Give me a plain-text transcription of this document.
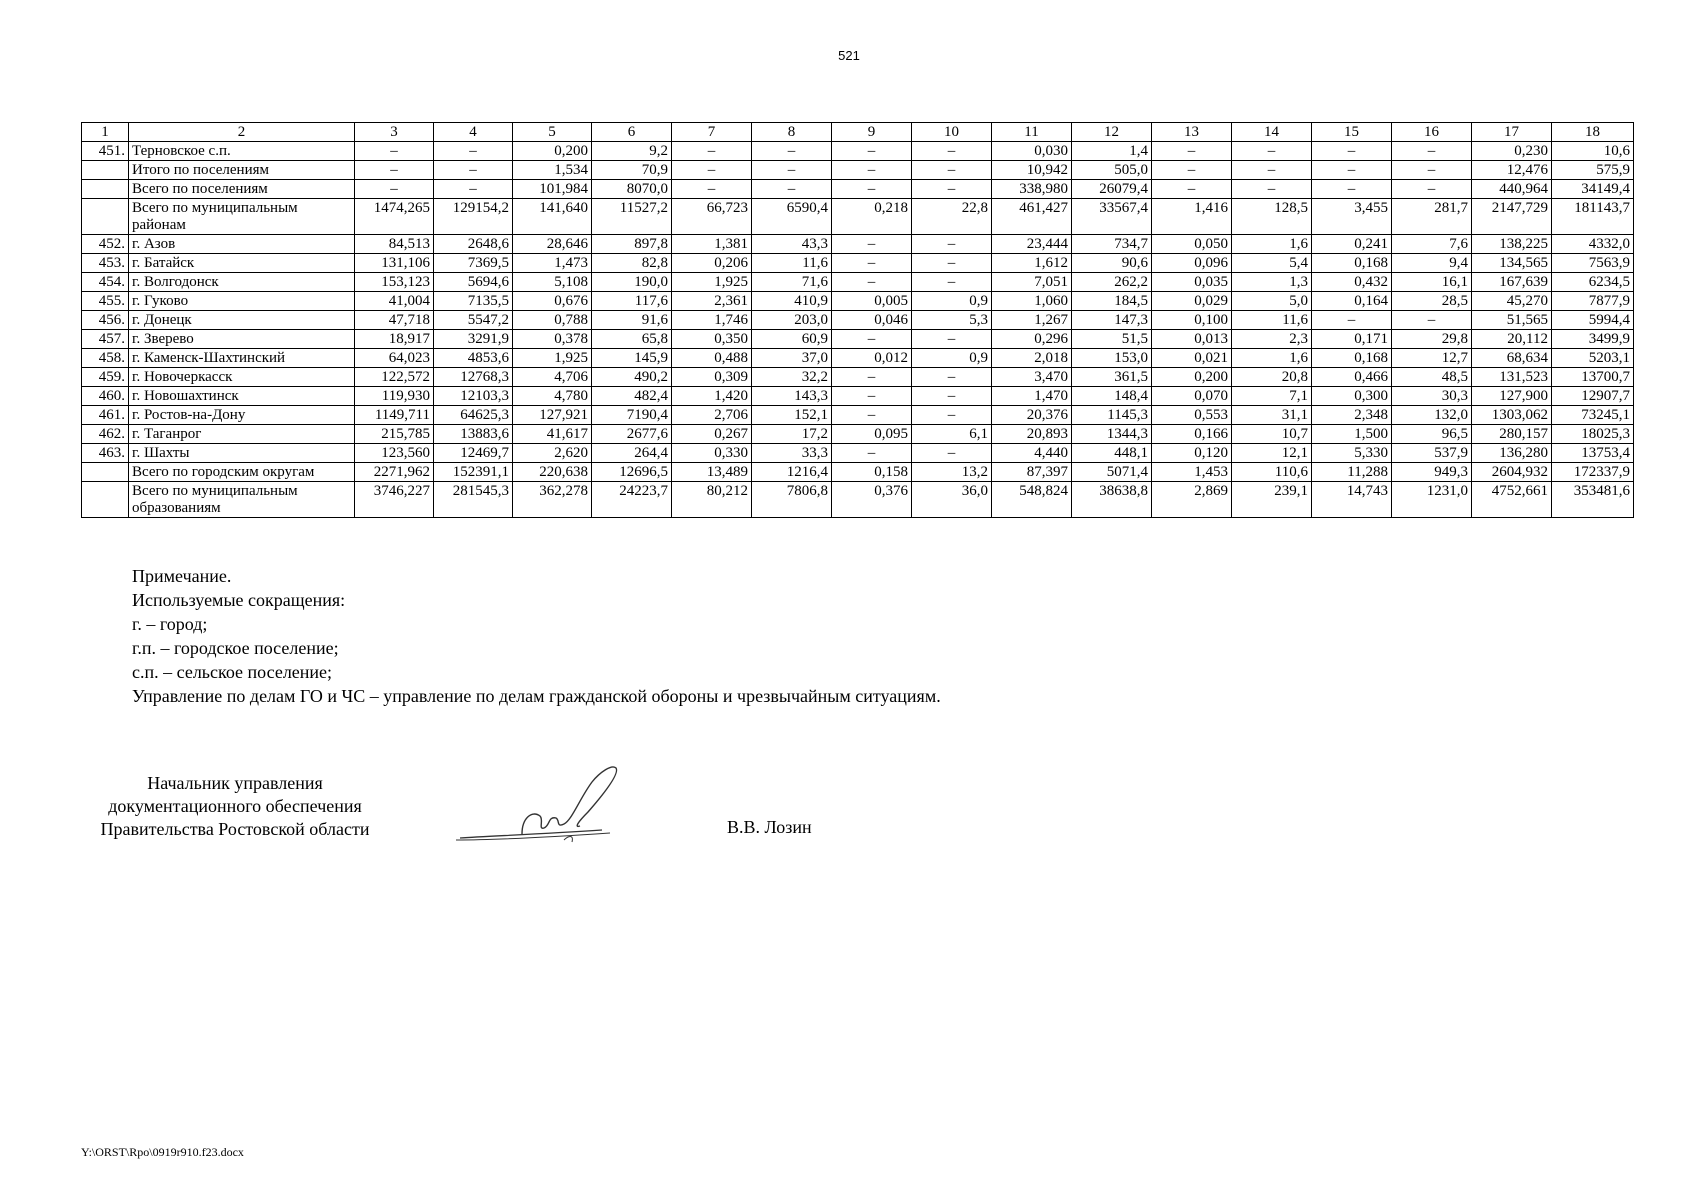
521
1	2	3	4	5	6	7	8	9	10	11	12	13	14	15	16	17	18
451.	Терновское с.п.	–	–	0,200	9,2	–	–	–	–	0,030	1,4	–	–	–	–	0,230	10,6
	Итого по поселениям	–	–	1,534	70,9	–	–	–	–	10,942	505,0	–	–	–	–	12,476	575,9
	Всего по поселениям	–	–	101,984	8070,0	–	–	–	–	338,980	26079,4	–	–	–	–	440,964	34149,4
	Всего по муниципальным районам	1474,265	129154,2	141,640	11527,2	66,723	6590,4	0,218	22,8	461,427	33567,4	1,416	128,5	3,455	281,7	2147,729	181143,7
452.	г. Азов	84,513	2648,6	28,646	897,8	1,381	43,3	–	–	23,444	734,7	0,050	1,6	0,241	7,6	138,225	4332,0
453.	г. Батайск	131,106	7369,5	1,473	82,8	0,206	11,6	–	–	1,612	90,6	0,096	5,4	0,168	9,4	134,565	7563,9
454.	г. Волгодонск	153,123	5694,6	5,108	190,0	1,925	71,6	–	–	7,051	262,2	0,035	1,3	0,432	16,1	167,639	6234,5
455.	г. Гуково	41,004	7135,5	0,676	117,6	2,361	410,9	0,005	0,9	1,060	184,5	0,029	5,0	0,164	28,5	45,270	7877,9
456.	г. Донецк	47,718	5547,2	0,788	91,6	1,746	203,0	0,046	5,3	1,267	147,3	0,100	11,6	–	–	51,565	5994,4
457.	г. Зверево	18,917	3291,9	0,378	65,8	0,350	60,9	–	–	0,296	51,5	0,013	2,3	0,171	29,8	20,112	3499,9
458.	г. Каменск-Шахтинский	64,023	4853,6	1,925	145,9	0,488	37,0	0,012	0,9	2,018	153,0	0,021	1,6	0,168	12,7	68,634	5203,1
459.	г. Новочеркасск	122,572	12768,3	4,706	490,2	0,309	32,2	–	–	3,470	361,5	0,200	20,8	0,466	48,5	131,523	13700,7
460.	г. Новошахтинск	119,930	12103,3	4,780	482,4	1,420	143,3	–	–	1,470	148,4	0,070	7,1	0,300	30,3	127,900	12907,7
461.	г. Ростов-на-Дону	1149,711	64625,3	127,921	7190,4	2,706	152,1	–	–	20,376	1145,3	0,553	31,1	2,348	132,0	1303,062	73245,1
462.	г. Таганрог	215,785	13883,6	41,617	2677,6	0,267	17,2	0,095	6,1	20,893	1344,3	0,166	10,7	1,500	96,5	280,157	18025,3
463.	г. Шахты	123,560	12469,7	2,620	264,4	0,330	33,3	–	–	4,440	448,1	0,120	12,1	5,330	537,9	136,280	13753,4
	Всего по городским округам	2271,962	152391,1	220,638	12696,5	13,489	1216,4	0,158	13,2	87,397	5071,4	1,453	110,6	11,288	949,3	2604,932	172337,9
	Всего по муниципальным образованиям	3746,227	281545,3	362,278	24223,7	80,212	7806,8	0,376	36,0	548,824	38638,8	2,869	239,1	14,743	1231,0	4752,661	353481,6
Примечание.
Используемые сокращения:
г. – город;
г.п. – городское поселение;
с.п. – сельское поселение;
Управление по делам ГО и ЧС – управление по делам гражданской обороны и чрезвычайным ситуациям.
Начальник управления
документационного обеспечения
Правительства Ростовской области	В.В. Лозин
Y:\ORST\Rpo\0919r910.f23.docx
